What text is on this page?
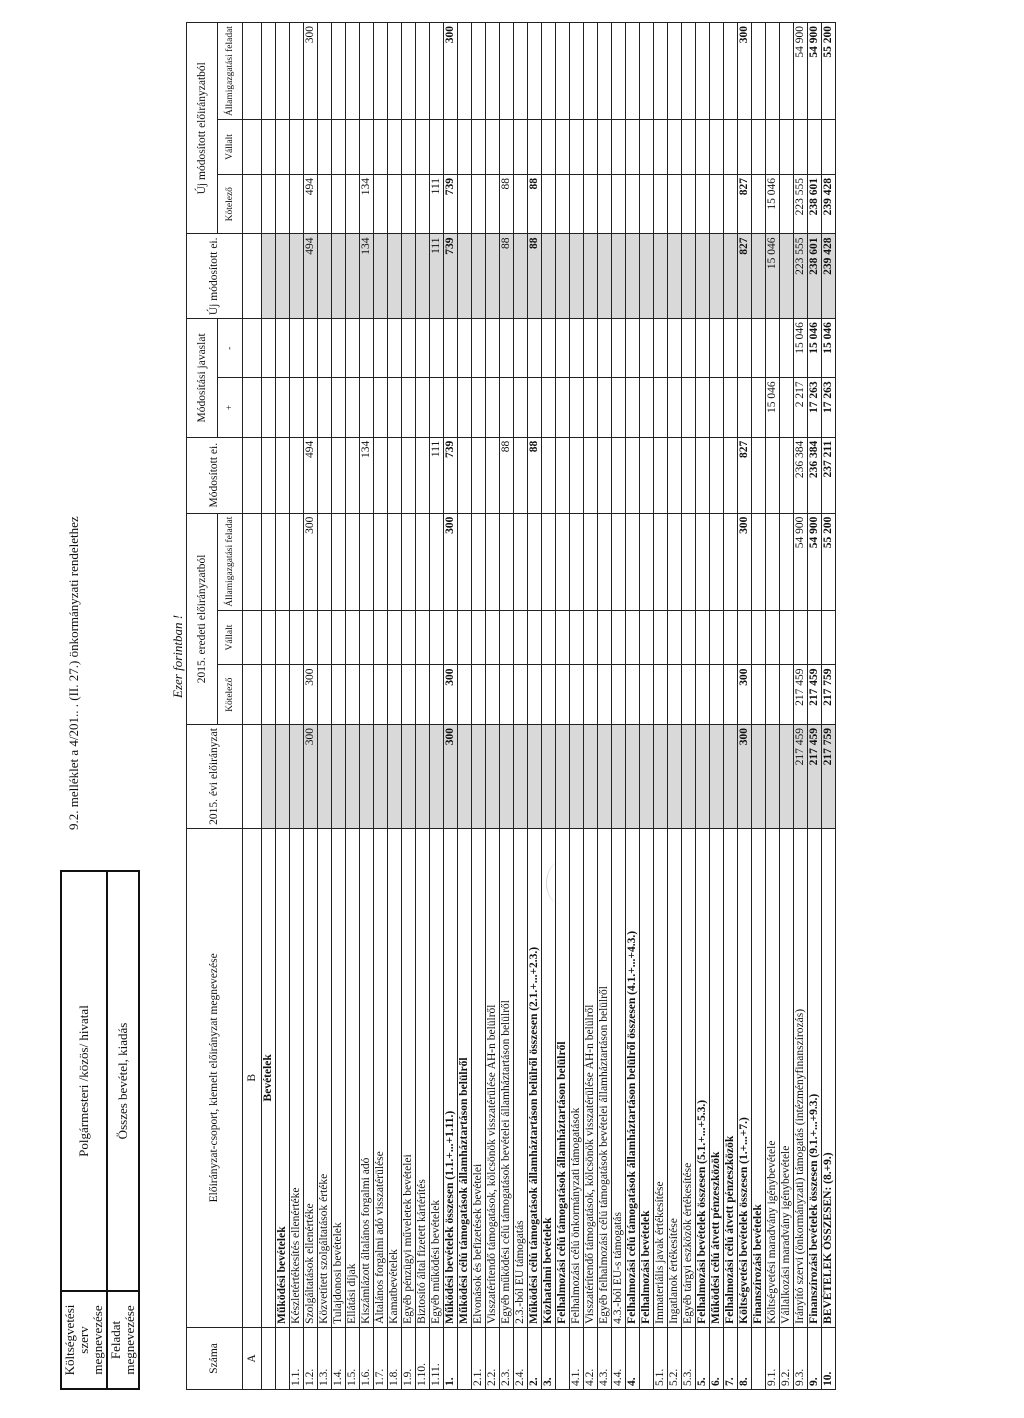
9.2. melléklet a 4/201.. . (II. 27.) önkormányzati rendelethez
Költségvetési szerv megnevezése	Polgármesteri /közös/ hivatal
Feladat megnevezése	Összes bevétel, kiadás
Ezer forintban !
Száma	Előirányzat-csoport, kiemelt előirányzat megnevezése	2015. évi előirányzat	2015. eredeti előirányzatból			Módosított ei.	Módosítási javaslat		Új módosított ei.	Új módosított előirányzatból		
			Kötelező	Vállalt	Államigazgatási feladat		+	-		Kötelező	Vállalt	Államigazgatási feladat
A	B											
	Bevételek											
	Működési bevételek											
1.1.	Készletértékesítés ellenértéke											
1.2.	Szolgáltatások ellenértéke	300	300		300	494			494	494		300
1.3.	Közvetített szolgáltatások értéke											
1.4.	Tulajdonosi bevételek											
1.5.	Ellátási díjak											
1.6.	Kiszámlázott általános forgalmi adó					134			134	134		
1.7.	Általános forgalmi adó visszatérülése											
1.8.	Kamatbevételek											
1.9.	Egyéb pénzügyi műveletek bevételei											
1.10.	Biztosító által fizetett kártérítés											
1.11.	Egyéb működési bevételek					111			111	111		
1.	Működési bevételek összesen (1.1.+...+1.11.)	300	300		300	739			739	739		300
	Működési célú támogatások államháztartáson belülről											
2.1.	Elvonások és befizetések bevételei											
2.2.	Visszatérítendő támogatások, kölcsönök visszatérülése ÁH-n belülről											
2.3.	Egyéb működési célú támogatások bevételei államháztartáson belülről					88			88	88		
2.4.	2.3.-ból EU támogatás											
2.	Működési célú támogatások államháztartáson belülről összesen (2.1.+...+2.3.)					88			88	88		
3.	Közhatalmi bevételek											
	Felhalmozási célú támogatások államháztartáson belülről											
4.1.	Felhalmozási célú önkormányzati támogatások											
4.2.	Visszatérítendő támogatások, kölcsönök visszatérülése ÁH-n belülről											
4.3.	Egyéb felhalmozási célú támogatások bevételei államháztartáson belülről											
4.4.	4.3.-ból EU-s támogatás											
4.	Felhalmozási célú támogatások államháztartáson belülről összesen (4.1.+...+4.3.)											
	Felhalmozási bevételek											
5.1.	Immateriális javak értékesítése											
5.2.	Ingatlanok értékesítése											
5.3.	Egyéb tárgyi eszközök értékesítése											
5.	Felhalmozási bevételek összesen (5.1.+...+5.3.)											
6.	Működési célú átvett pénzeszközök											
7.	Felhalmozási célú átvett pénzeszközök											
8.	Költségvetési bevételek összesen (1.+...+7.)	300	300		300	827			827	827		300
	Finanszírozási bevételek											
9.1.	Költségvetési maradvány igénybevétele						15 046		15 046	15 046		
9.2.	Vállalkozási maradvány igénybevétele											
9.3.	Irányító szervi (önkormányzati) támogatás (intézményfinanszírozás)	217 459	217 459		54 900	236 384	2 217	15 046	223 555	223 555		54 900
9.	Finanszírozási bevételek összesen (9.1.+...+9.3.)	217 459	217 459		54 900	236 384	17 263	15 046	238 601	238 601		54 900
10.	BEVÉTELEK ÖSSZESEN: (8.+9.)	217 759	217 759		55 200	237 211	17 263	15 046	239 428	239 428		55 200
